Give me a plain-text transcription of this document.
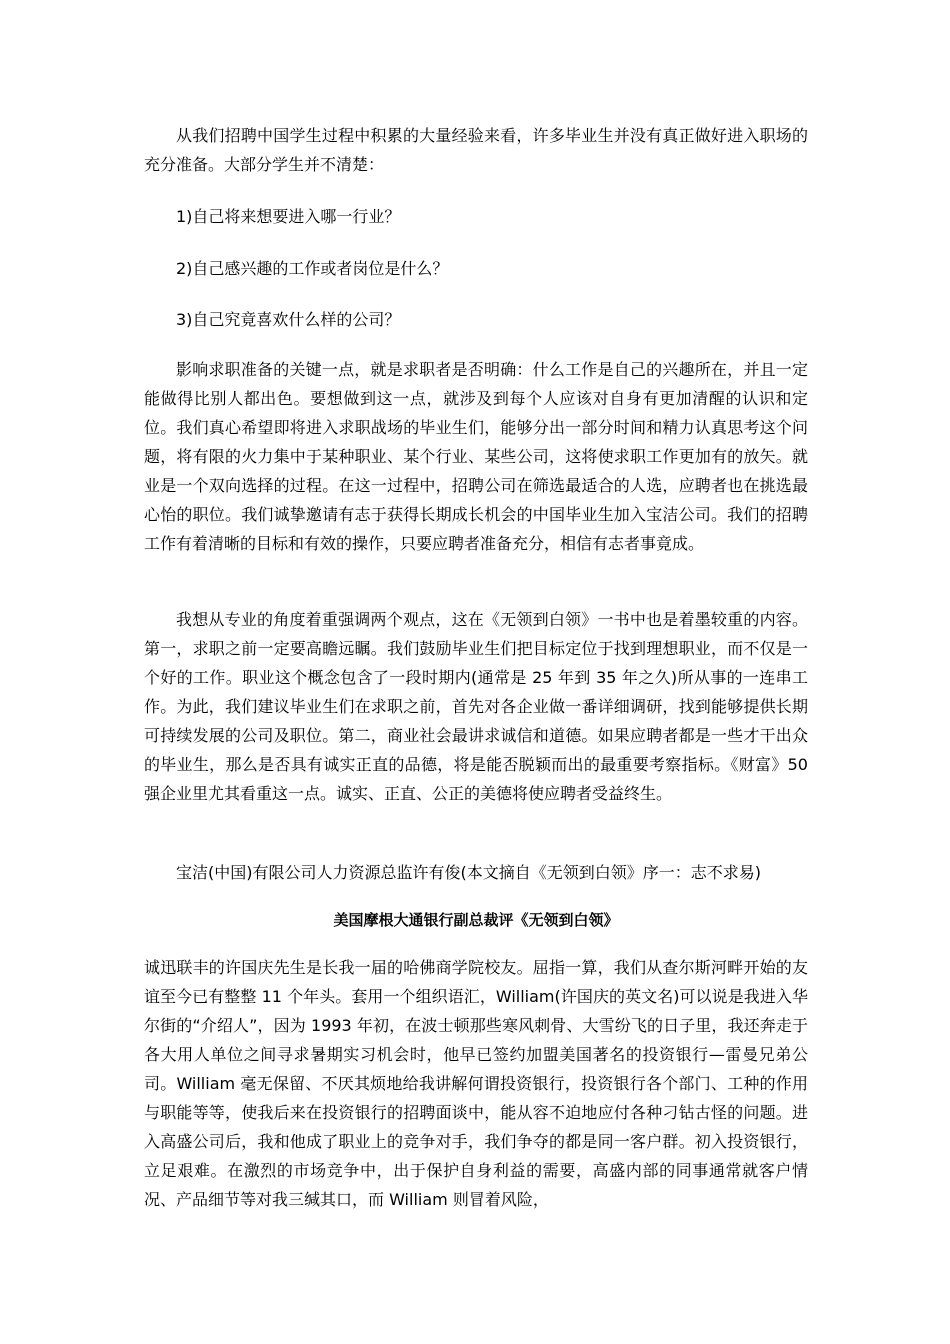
从我们招聘中国学生过程中积累的大量经验来看，许多毕业生并没有真正做好进入职场的充分准备。大部分学生并不清楚：

1)自己将来想要进入哪一行业？

2)自己感兴趣的工作或者岗位是什么？

3)自己究竟喜欢什么样的公司？

影响求职准备的关键一点，就是求职者是否明确：什么工作是自己的兴趣所在，并且一定能做得比别人都出色。要想做到这一点，就涉及到每个人应该对自身有更加清醒的认识和定位。我们真心希望即将进入求职战场的毕业生们，能够分出一部分时间和精力认真思考这个问题，将有限的火力集中于某种职业、某个行业、某些公司，这将使求职工作更加有的放矢。就业是一个双向选择的过程。在这一过程中，招聘公司在筛选最适合的人选，应聘者也在挑选最心怡的职位。我们诚挚邀请有志于获得长期成长机会的中国毕业生加入宝洁公司。我们的招聘工作有着清晰的目标和有效的操作，只要应聘者准备充分，相信有志者事竟成。

我想从专业的角度着重强调两个观点，这在《无领到白领》一书中也是着墨较重的内容。第一，求职之前一定要高瞻远瞩。我们鼓励毕业生们把目标定位于找到理想职业，而不仅是一个好的工作。职业这个概念包含了一段时期内(通常是 25 年到 35 年之久)所从事的一连串工作。为此，我们建议毕业生们在求职之前，首先对各企业做一番详细调研，找到能够提供长期可持续发展的公司及职位。第二，商业社会最讲求诚信和道德。如果应聘者都是一些才干出众的毕业生，那么是否具有诚实正直的品德，将是能否脱颖而出的最重要考察指标。《财富》50 强企业里尤其看重这一点。诚实、正直、公正的美德将使应聘者受益终生。

宝洁(中国)有限公司人力资源总监许有俊(本文摘自《无领到白领》序一：志不求易)

美国摩根大通银行副总裁评《无领到白领》

诚迅联丰的许国庆先生是长我一届的哈佛商学院校友。屈指一算，我们从查尔斯河畔开始的友谊至今已有整整 11 个年头。套用一个组织语汇，William(许国庆的英文名)可以说是我进入华尔街的“介绍人”，因为 1993 年初，在波士顿那些寒风刺骨、大雪纷飞的日子里，我还奔走于各大用人单位之间寻求暑期实习机会时，他早已签约加盟美国著名的投资银行—雷曼兄弟公司。William 毫无保留、不厌其烦地给我讲解何谓投资银行，投资银行各个部门、工种的作用与职能等等，使我后来在投资银行的招聘面谈中，能从容不迫地应付各种刁钻古怪的问题。进入高盛公司后，我和他成了职业上的竞争对手，我们争夺的都是同一客户群。初入投资银行，立足艰难。在激烈的市场竞争中，出于保护自身利益的需要，高盛内部的同事通常就客户情况、产品细节等对我三缄其口，而 William 则冒着风险，
